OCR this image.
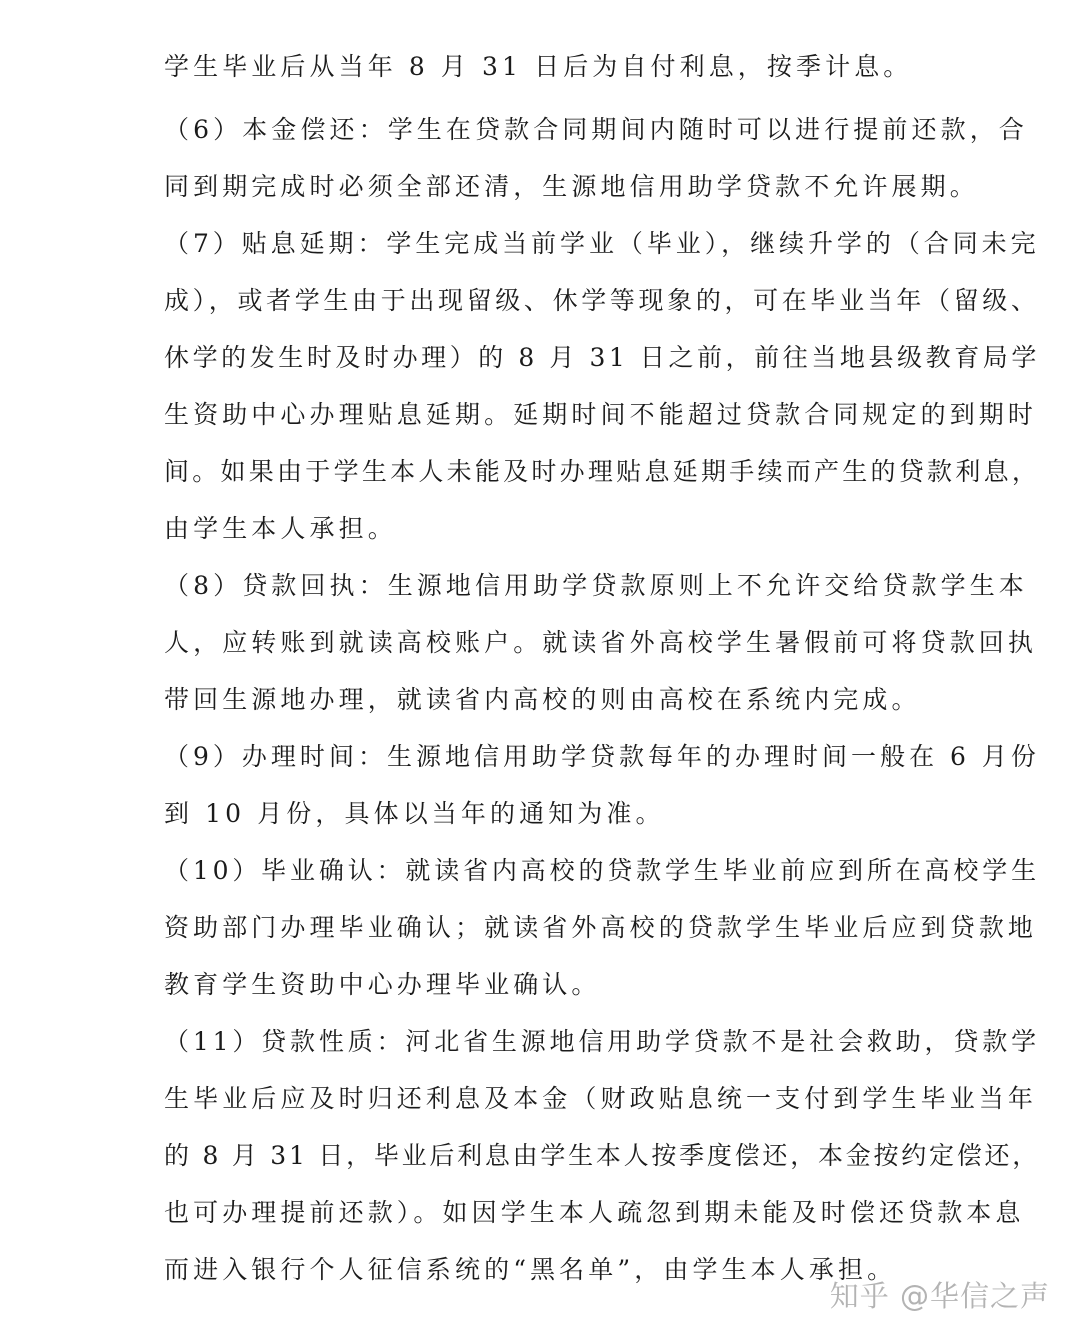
学生毕业后从当年 8 月 31 日后为自付利息，按季计息。
（6）本金偿还：学生在贷款合同期间内随时可以进行提前还款，合
同到期完成时必须全部还清，生源地信用助学贷款不允许展期。
（7）贴息延期：学生完成当前学业（毕业），继续升学的（合同未完
成），或者学生由于出现留级、休学等现象的，可在毕业当年（留级、
休学的发生时及时办理）的 8 月 31 日之前，前往当地县级教育局学
生资助中心办理贴息延期。延期时间不能超过贷款合同规定的到期时
间。如果由于学生本人未能及时办理贴息延期手续而产生的贷款利息，
由学生本人承担。
（8）贷款回执：生源地信用助学贷款原则上不允许交给贷款学生本
人，应转账到就读高校账户。就读省外高校学生暑假前可将贷款回执
带回生源地办理，就读省内高校的则由高校在系统内完成。
（9）办理时间：生源地信用助学贷款每年的办理时间一般在 6 月份
到 10 月份，具体以当年的通知为准。
（10）毕业确认：就读省内高校的贷款学生毕业前应到所在高校学生
资助部门办理毕业确认；就读省外高校的贷款学生毕业后应到贷款地
教育学生资助中心办理毕业确认。
（11）贷款性质：河北省生源地信用助学贷款不是社会救助，贷款学
生毕业后应及时归还利息及本金（财政贴息统一支付到学生毕业当年
的 8 月 31 日，毕业后利息由学生本人按季度偿还，本金按约定偿还，
也可办理提前还款）。如因学生本人疏忽到期未能及时偿还贷款本息
而进入银行个人征信系统的“黑名单”，由学生本人承担。
知乎 @华信之声
